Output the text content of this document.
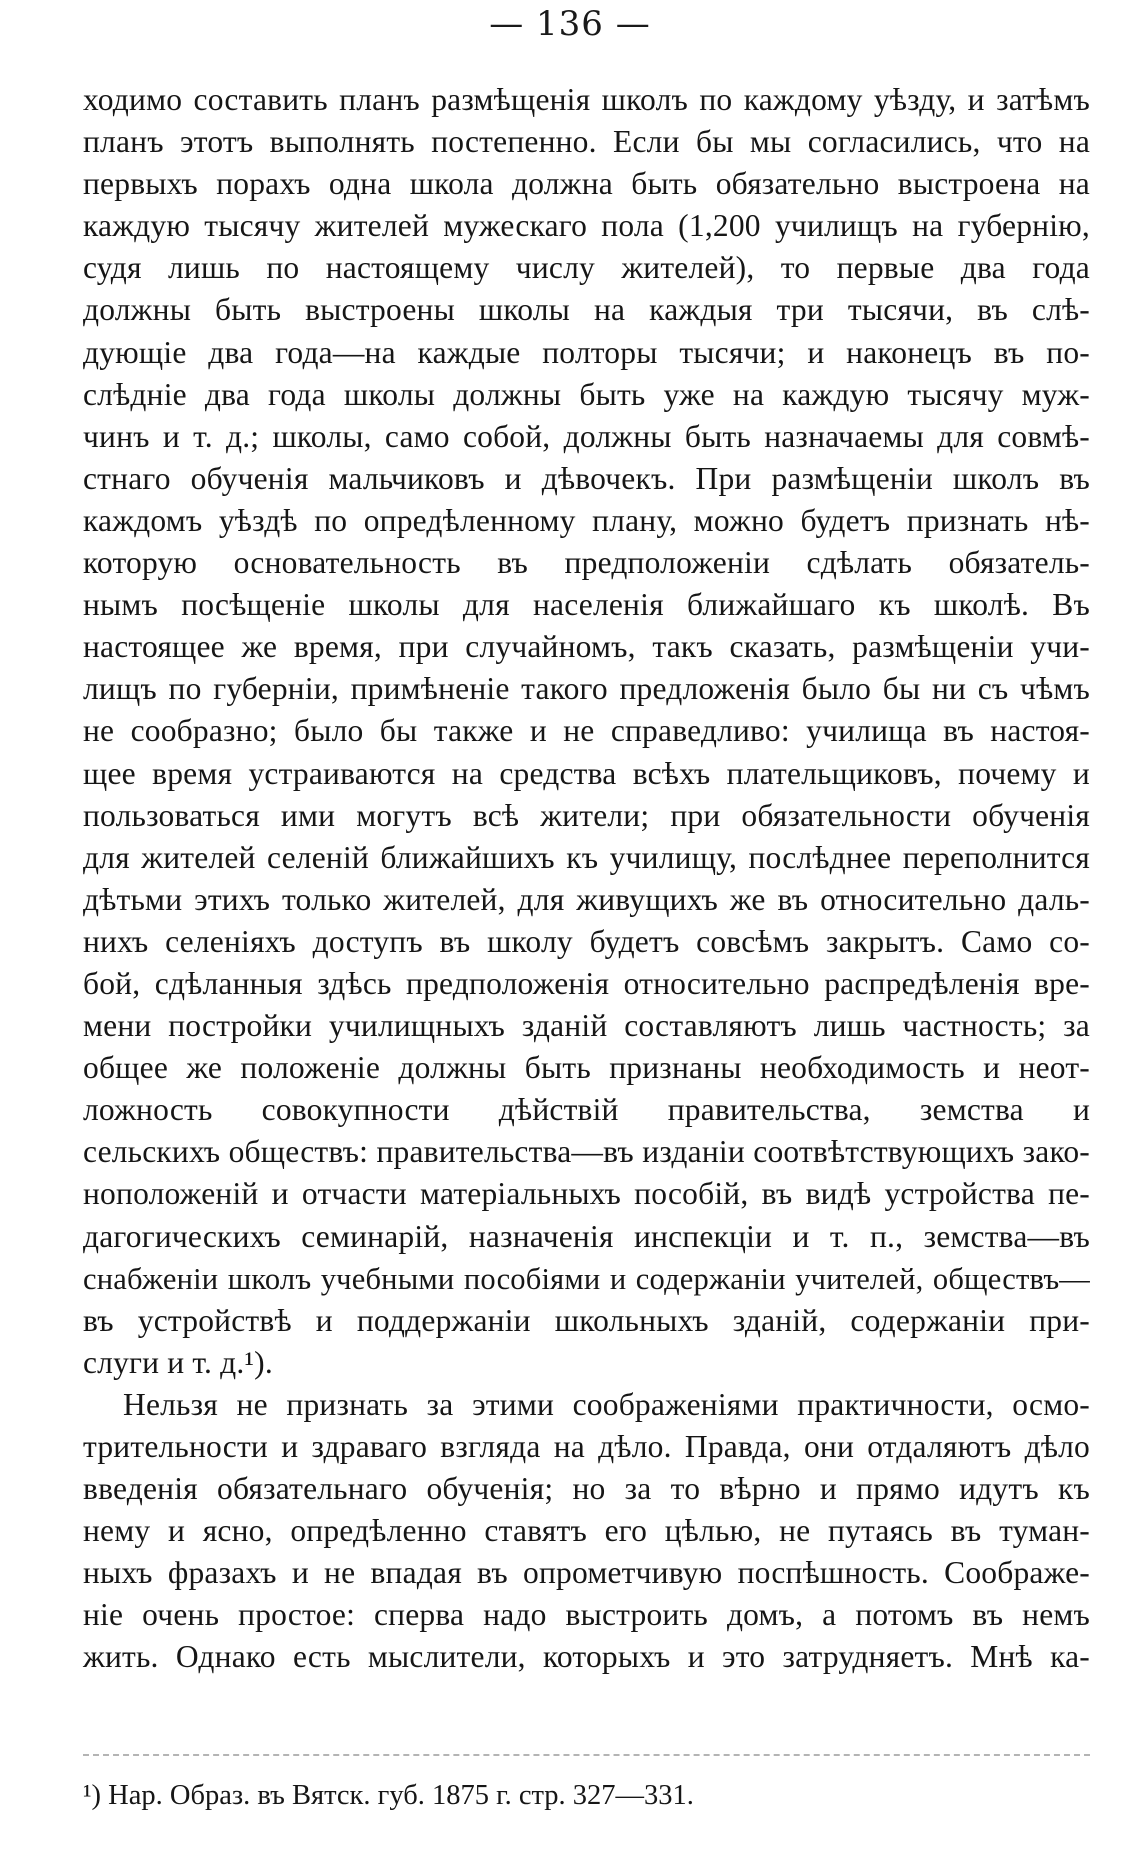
— 136 —
ходимо составить планъ размѣщенія школъ по каждому уѣзду, и затѣмъ
планъ этотъ выполнять постепенно. Если бы мы согласились, что на
первыхъ порахъ одна школа должна быть обязательно выстроена на
каждую тысячу жителей мужескаго пола (1,200 училищъ на губернію,
судя лишь по настоящему числу жителей), то первые два года
должны быть выстроены школы на каждыя три тысячи, въ слѣ-
дующіе два года—на каждые полторы тысячи; и наконецъ въ по-
слѣдніе два года школы должны быть уже на каждую тысячу муж-
чинъ и т. д.; школы, само собой, должны быть назначаемы для совмѣ-
стнаго обученія мальчиковъ и дѣвочекъ. При размѣщеніи школъ въ
каждомъ уѣздѣ по опредѣленному плану, можно будетъ признать нѣ-
которую основательность въ предположеніи сдѣлать обязатель-
нымъ посѣщеніе школы для населенія ближайшаго къ школѣ. Въ
настоящее же время, при случайномъ, такъ сказать, размѣщеніи учи-
лищъ по губерніи, примѣненіе такого предложенія было бы ни съ чѣмъ
не сообразно; было бы также и не справедливо: училища въ настоя-
щее время устраиваются на средства всѣхъ плательщиковъ, почему и
пользоваться ими могутъ всѣ жители; при обязательности обученія
для жителей селеній ближайшихъ къ училищу, послѣднее переполнится
дѣтьми этихъ только жителей, для живущихъ же въ относительно даль-
нихъ селеніяхъ доступъ въ школу будетъ совсѣмъ закрытъ. Само со-
бой, сдѣланныя здѣсь предположенія относительно распредѣленія вре-
мени постройки училищныхъ зданій составляютъ лишь частность; за
общее же положеніе должны быть признаны необходимость и неот-
ложность совокупности дѣйствій правительства, земства и
сельскихъ обществъ: правительства—въ изданіи соотвѣтствующихъ зако-
ноположеній и отчасти матеріальныхъ пособій, въ видѣ устройства пе-
дагогическихъ семинарій, назначенія инспекціи и т. п., земства—въ
снабженіи школъ учебными пособіями и содержаніи учителей, обществъ—
въ устройствѣ и поддержаніи школьныхъ зданій, содержаніи при-
слуги и т. д.¹).
Нельзя не признать за этими соображеніями практичности, осмо-
трительности и здраваго взгляда на дѣло. Правда, они отдаляютъ дѣло
введенія обязательнаго обученія; но за то вѣрно и прямо идутъ къ
нему и ясно, опредѣленно ставятъ его цѣлью, не путаясь въ туман-
ныхъ фразахъ и не впадая въ опрометчивую поспѣшность. Соображе-
ніе очень простое: сперва надо выстроить домъ, а потомъ въ немъ
жить. Однако есть мыслители, которыхъ и это затрудняетъ. Мнѣ ка-
¹) Нар. Образ. въ Вятск. губ. 1875 г. стр. 327—331.
